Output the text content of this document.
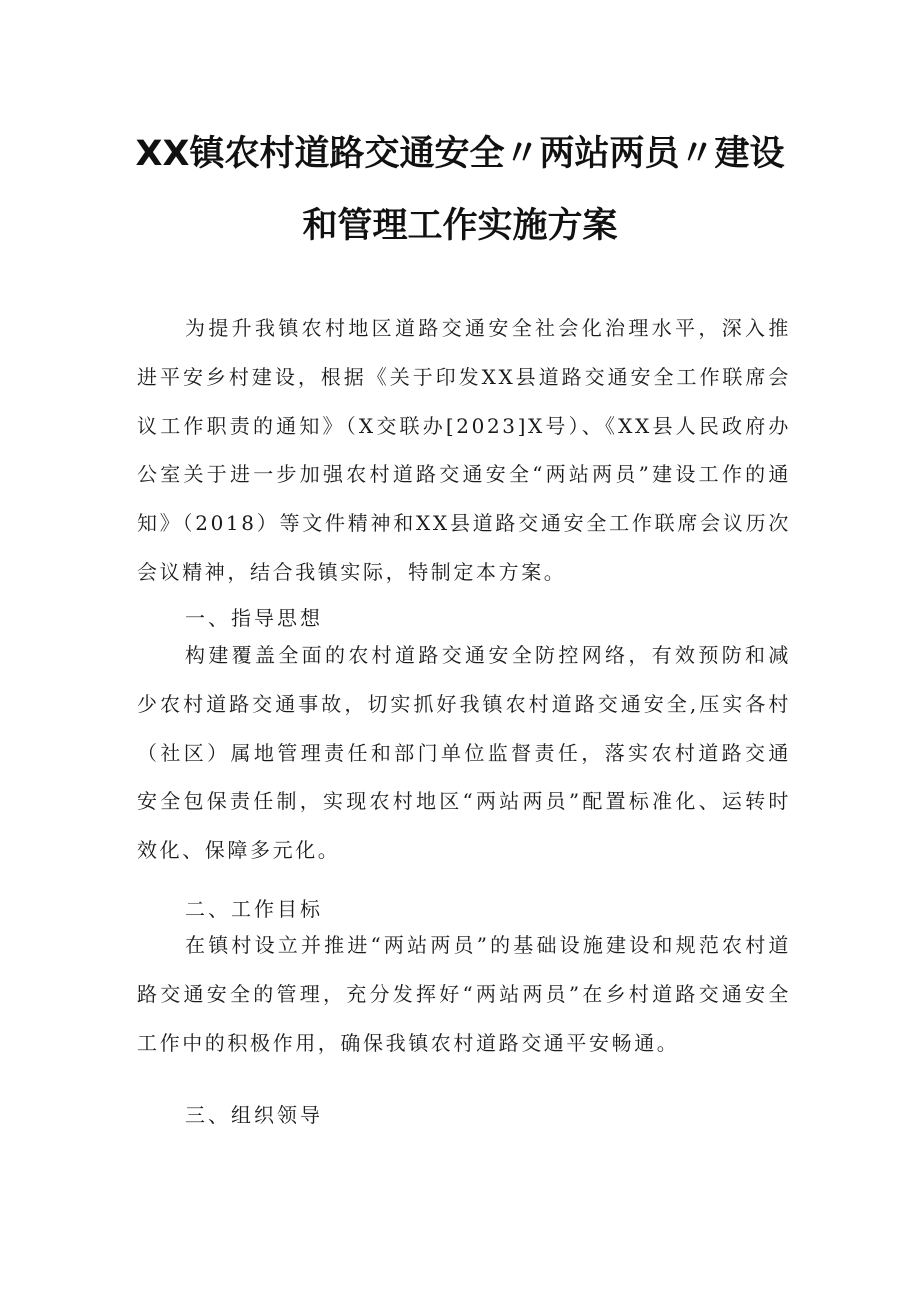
XX镇农村道路交通安全〃两站两员〃建设
和管理工作实施方案

为提升我镇农村地区道路交通安全社会化治理水平，深入推进平安乡村建设，根据《关于印发XX县道路交通安全工作联席会议工作职责的通知》（X交联办[2023]X号）、《XX县人民政府办公室关于进一步加强农村道路交通安全“两站两员”建设工作的通知》（2018）等文件精神和XX县道路交通安全工作联席会议历次会议精神，结合我镇实际，特制定本方案。

一、指导思想

构建覆盖全面的农村道路交通安全防控网络，有效预防和减少农村道路交通事故，切实抓好我镇农村道路交通安全,压实各村（社区）属地管理责任和部门单位监督责任，落实农村道路交通安全包保责任制，实现农村地区“两站两员”配置标准化、运转时效化、保障多元化。

二、工作目标

在镇村设立并推进“两站两员”的基础设施建设和规范农村道路交通安全的管理，充分发挥好“两站两员”在乡村道路交通安全工作中的积极作用，确保我镇农村道路交通平安畅通。

三、组织领导
